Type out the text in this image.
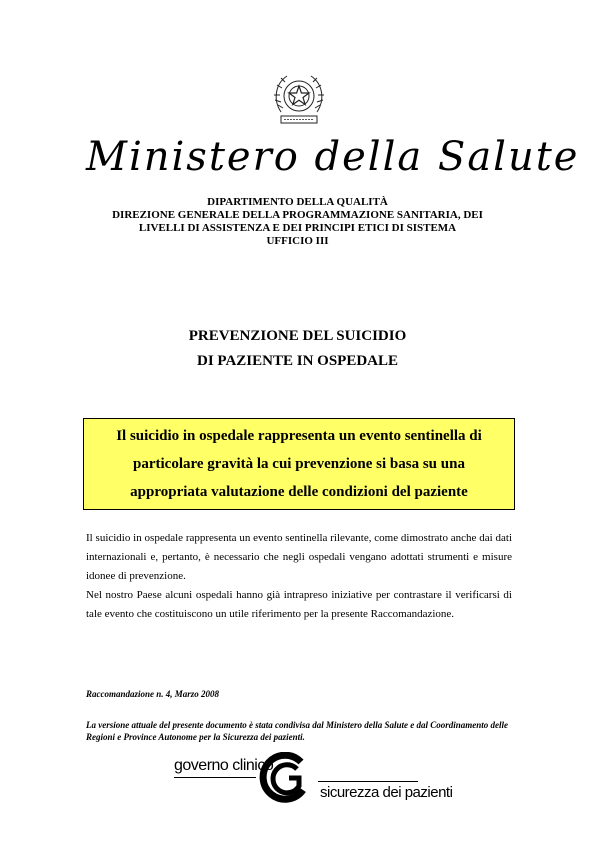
Ministero della Salute
DIPARTIMENTO DELLA QUALITÀ
DIREZIONE GENERALE DELLA PROGRAMMAZIONE SANITARIA, DEI
LIVELLI DI ASSISTENZA E DEI PRINCIPI ETICI DI SISTEMA
UFFICIO III
PREVENZIONE DEL SUICIDIO
DI PAZIENTE IN OSPEDALE
Il suicidio in ospedale rappresenta un evento sentinella di
particolare gravità la cui prevenzione si basa su una
appropriata valutazione delle condizioni del paziente

Il suicidio in ospedale rappresenta un evento sentinella rilevante, come dimostrato anche dai dati internazionali e, pertanto, è necessario che negli ospedali vengano adottati strumenti e misure idonee di prevenzione.

Nel nostro Paese alcuni ospedali hanno già intrapreso iniziative per contrastare il verificarsi di tale evento che costituiscono un utile riferimento per la presente Raccomandazione.

Raccomandazione n. 4, Marzo 2008
La versione attuale del presente documento è stata condivisa dal Ministero della Salute e dal Coordinamento delle Regioni e Province Autonome per la Sicurezza dei pazienti.
governo clinico
sicurezza dei pazienti
